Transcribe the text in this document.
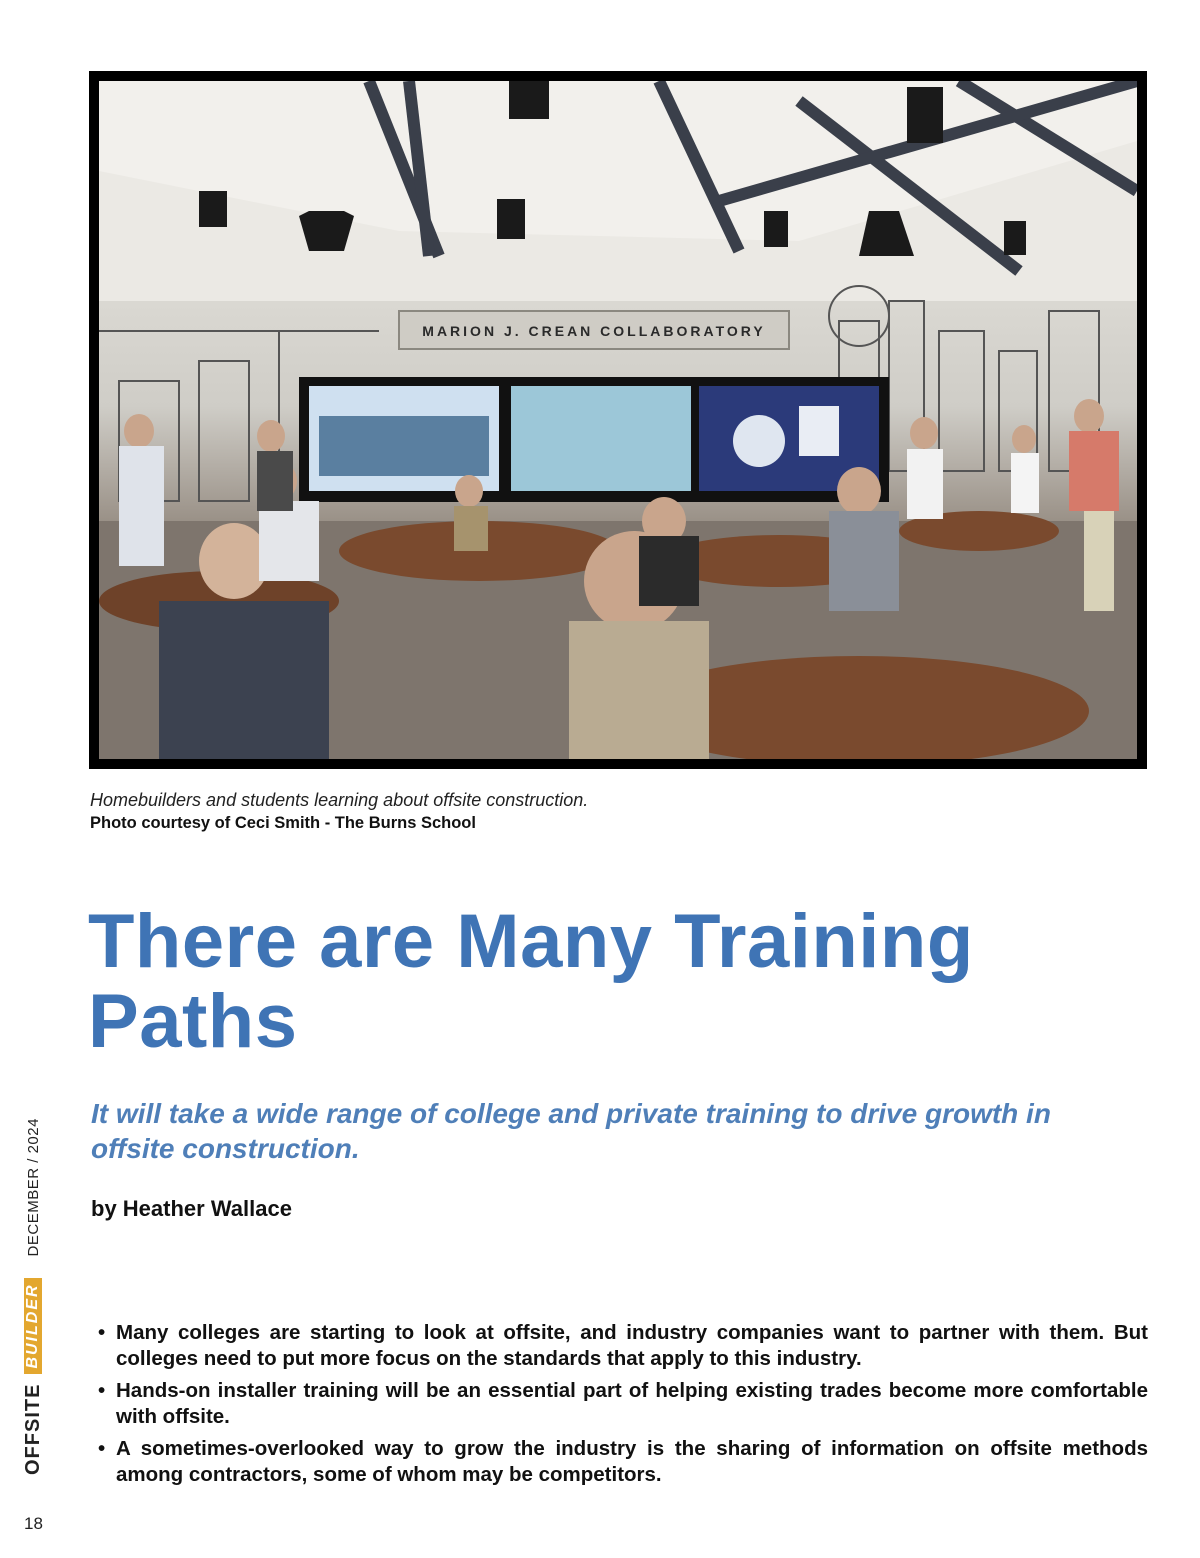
MARION J. CREAN COLLABORATORY
Homebuilders and students learning about offsite construction.
Photo courtesy of Ceci Smith - The Burns School
There are Many Training Paths

It will take a wide range of college and private training to drive growth in offsite construction.

by Heather Wallace

• Many colleges are starting to look at offsite, and industry companies want to partner with them. But colleges need to put more focus on the standards that apply to this industry.
• Hands-on installer training will be an essential part of helping existing trades become more comfortable with offsite.
• A sometimes-overlooked way to grow the industry is the sharing of information on offsite methods among contractors, some of whom may be competitors.
OFFSITE
BUILDER
DECEMBER / 2024
18
